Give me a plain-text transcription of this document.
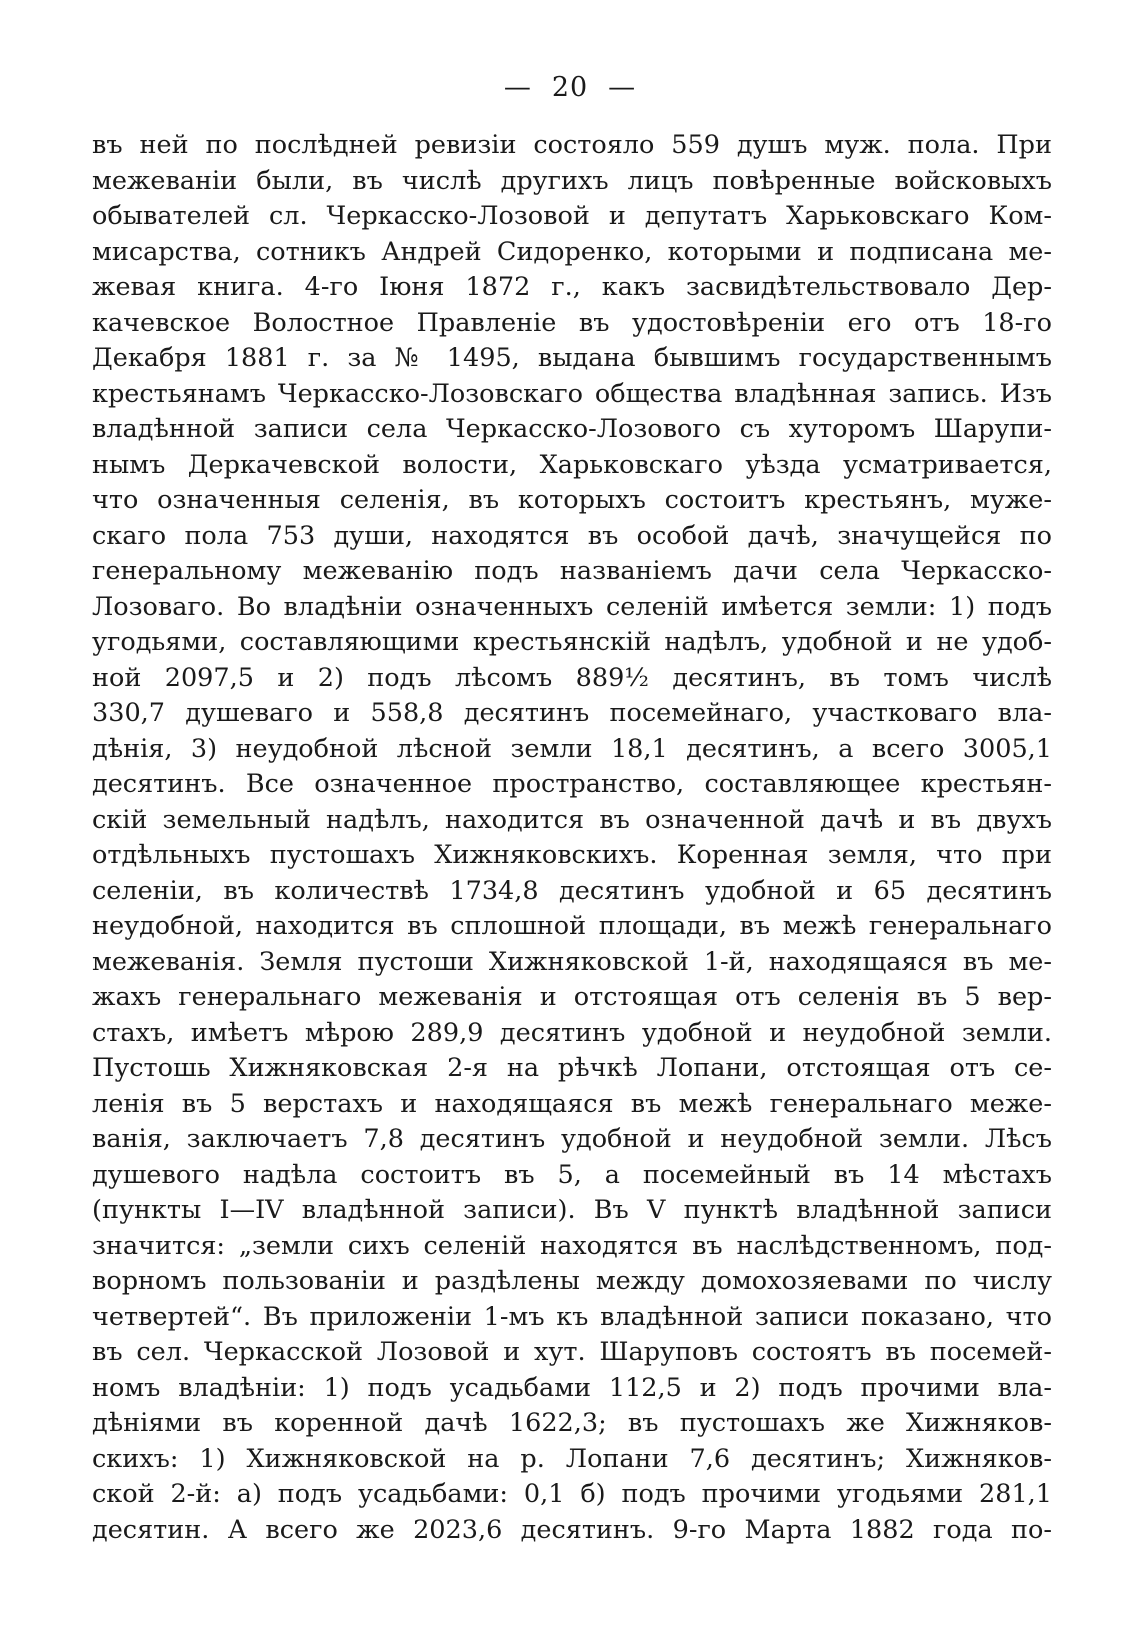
— 20 —
въ ней по послѣдней ревизіи состояло 559 душъ муж. пола. При
межеваніи были, въ числѣ другихъ лицъ повѣренные войсковыхъ
обывателей сл. Черкасско-Лозовой и депутатъ Харьковскаго Ком-
мисарства, сотникъ Андрей Сидоренко, которыми и подписана ме-
жевая книга. 4-го Іюня 1872 г., какъ засвидѣтельствовало Дер-
качевское Волостное Правленіе въ удостовѣреніи его отъ 18-го
Декабря 1881 г. за № 1495, выдана бывшимъ государственнымъ
крестьянамъ Черкасско-Лозовскаго общества владѣнная запись. Изъ
владѣнной записи села Черкасско-Лозового съ хуторомъ Шарупи-
нымъ Деркачевской волости, Харьковскаго уѣзда усматривается,
что означенныя селенія, въ которыхъ состоитъ крестьянъ, муже-
скаго пола 753 души, находятся въ особой дачѣ, значущейся по
генеральному межеванію подъ названіемъ дачи села Черкасско-
Лозоваго. Во владѣніи означенныхъ селеній имѣется земли: 1) подъ
угодьями, составляющими крестьянскій надѣлъ, удобной и не удоб-
ной 2097,5 и 2) подъ лѣсомъ 889½ десятинъ, въ томъ числѣ
330,7 душеваго и 558,8 десятинъ посемейнаго, участковаго вла-
дѣнія, 3) неудобной лѣсной земли 18,1 десятинъ, а всего 3005,1
десятинъ. Все означенное пространство, составляющее крестьян-
скій земельный надѣлъ, находится въ означенной дачѣ и въ двухъ
отдѣльныхъ пустошахъ Хижняковскихъ. Коренная земля, что при
селеніи, въ количествѣ 1734,8 десятинъ удобной и 65 десятинъ
неудобной, находится въ сплошной площади, въ межѣ генеральнаго
межеванія. Земля пустоши Хижняковской 1-й, находящаяся въ ме-
жахъ генеральнаго межеванія и отстоящая отъ селенія въ 5 вер-
стахъ, имѣетъ мѣрою 289,9 десятинъ удобной и неудобной земли.
Пустошь Хижняковская 2-я на рѣчкѣ Лопани, отстоящая отъ се-
ленія въ 5 верстахъ и находящаяся въ межѣ генеральнаго меже-
ванія, заключаетъ 7,8 десятинъ удобной и неудобной земли. Лѣсъ
душевого надѣла состоитъ въ 5, а посемейный въ 14 мѣстахъ
(пункты I—IV владѣнной записи). Въ V пунктѣ владѣнной записи
значится: „земли сихъ селеній находятся въ наслѣдственномъ, под-
ворномъ пользованіи и раздѣлены между домохозяевами по числу
четвертей“. Въ приложеніи 1-мъ къ владѣнной записи показано, что
въ сел. Черкасской Лозовой и хут. Шаруповъ состоятъ въ посемей-
номъ владѣніи: 1) подъ усадьбами 112,5 и 2) подъ прочими вла-
дѣніями въ коренной дачѣ 1622,3; въ пустошахъ же Хижняков-
скихъ: 1) Хижняковской на р. Лопани 7,6 десятинъ; Хижняков-
ской 2-й: а) подъ усадьбами: 0,1 б) подъ прочими угодьями 281,1
десятин. А всего же 2023,6 десятинъ. 9-го Марта 1882 года по-
